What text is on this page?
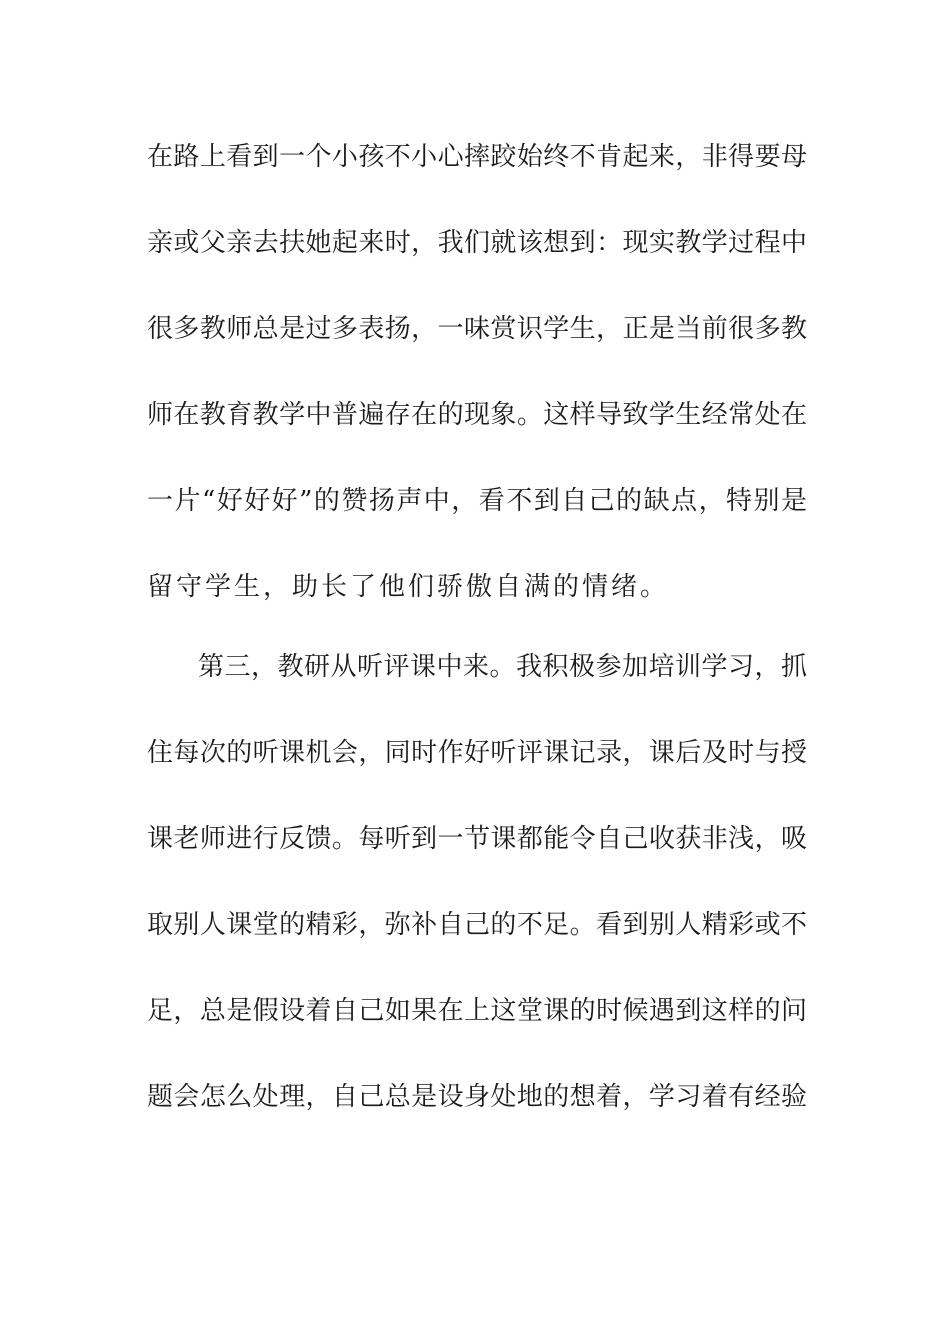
在路上看到一个小孩不小心摔跤始终不肯起来，非得要母
亲或父亲去扶她起来时，我们就该想到：现实教学过程中
很多教师总是过多表扬，一味赏识学生，正是当前很多教
师在教育教学中普遍存在的现象。这样导致学生经常处在
一片“好好好”的赞扬声中，看不到自己的缺点，特别是
留守学生，助长了他们骄傲自满的情绪。
第三，教研从听评课中来。我积极参加培训学习，抓
住每次的听课机会，同时作好听评课记录，课后及时与授
课老师进行反馈。每听到一节课都能令自己收获非浅，吸
取别人课堂的精彩，弥补自己的不足。看到别人精彩或不
足，总是假设着自己如果在上这堂课的时候遇到这样的问
题会怎么处理，自己总是设身处地的想着，学习着有经验
